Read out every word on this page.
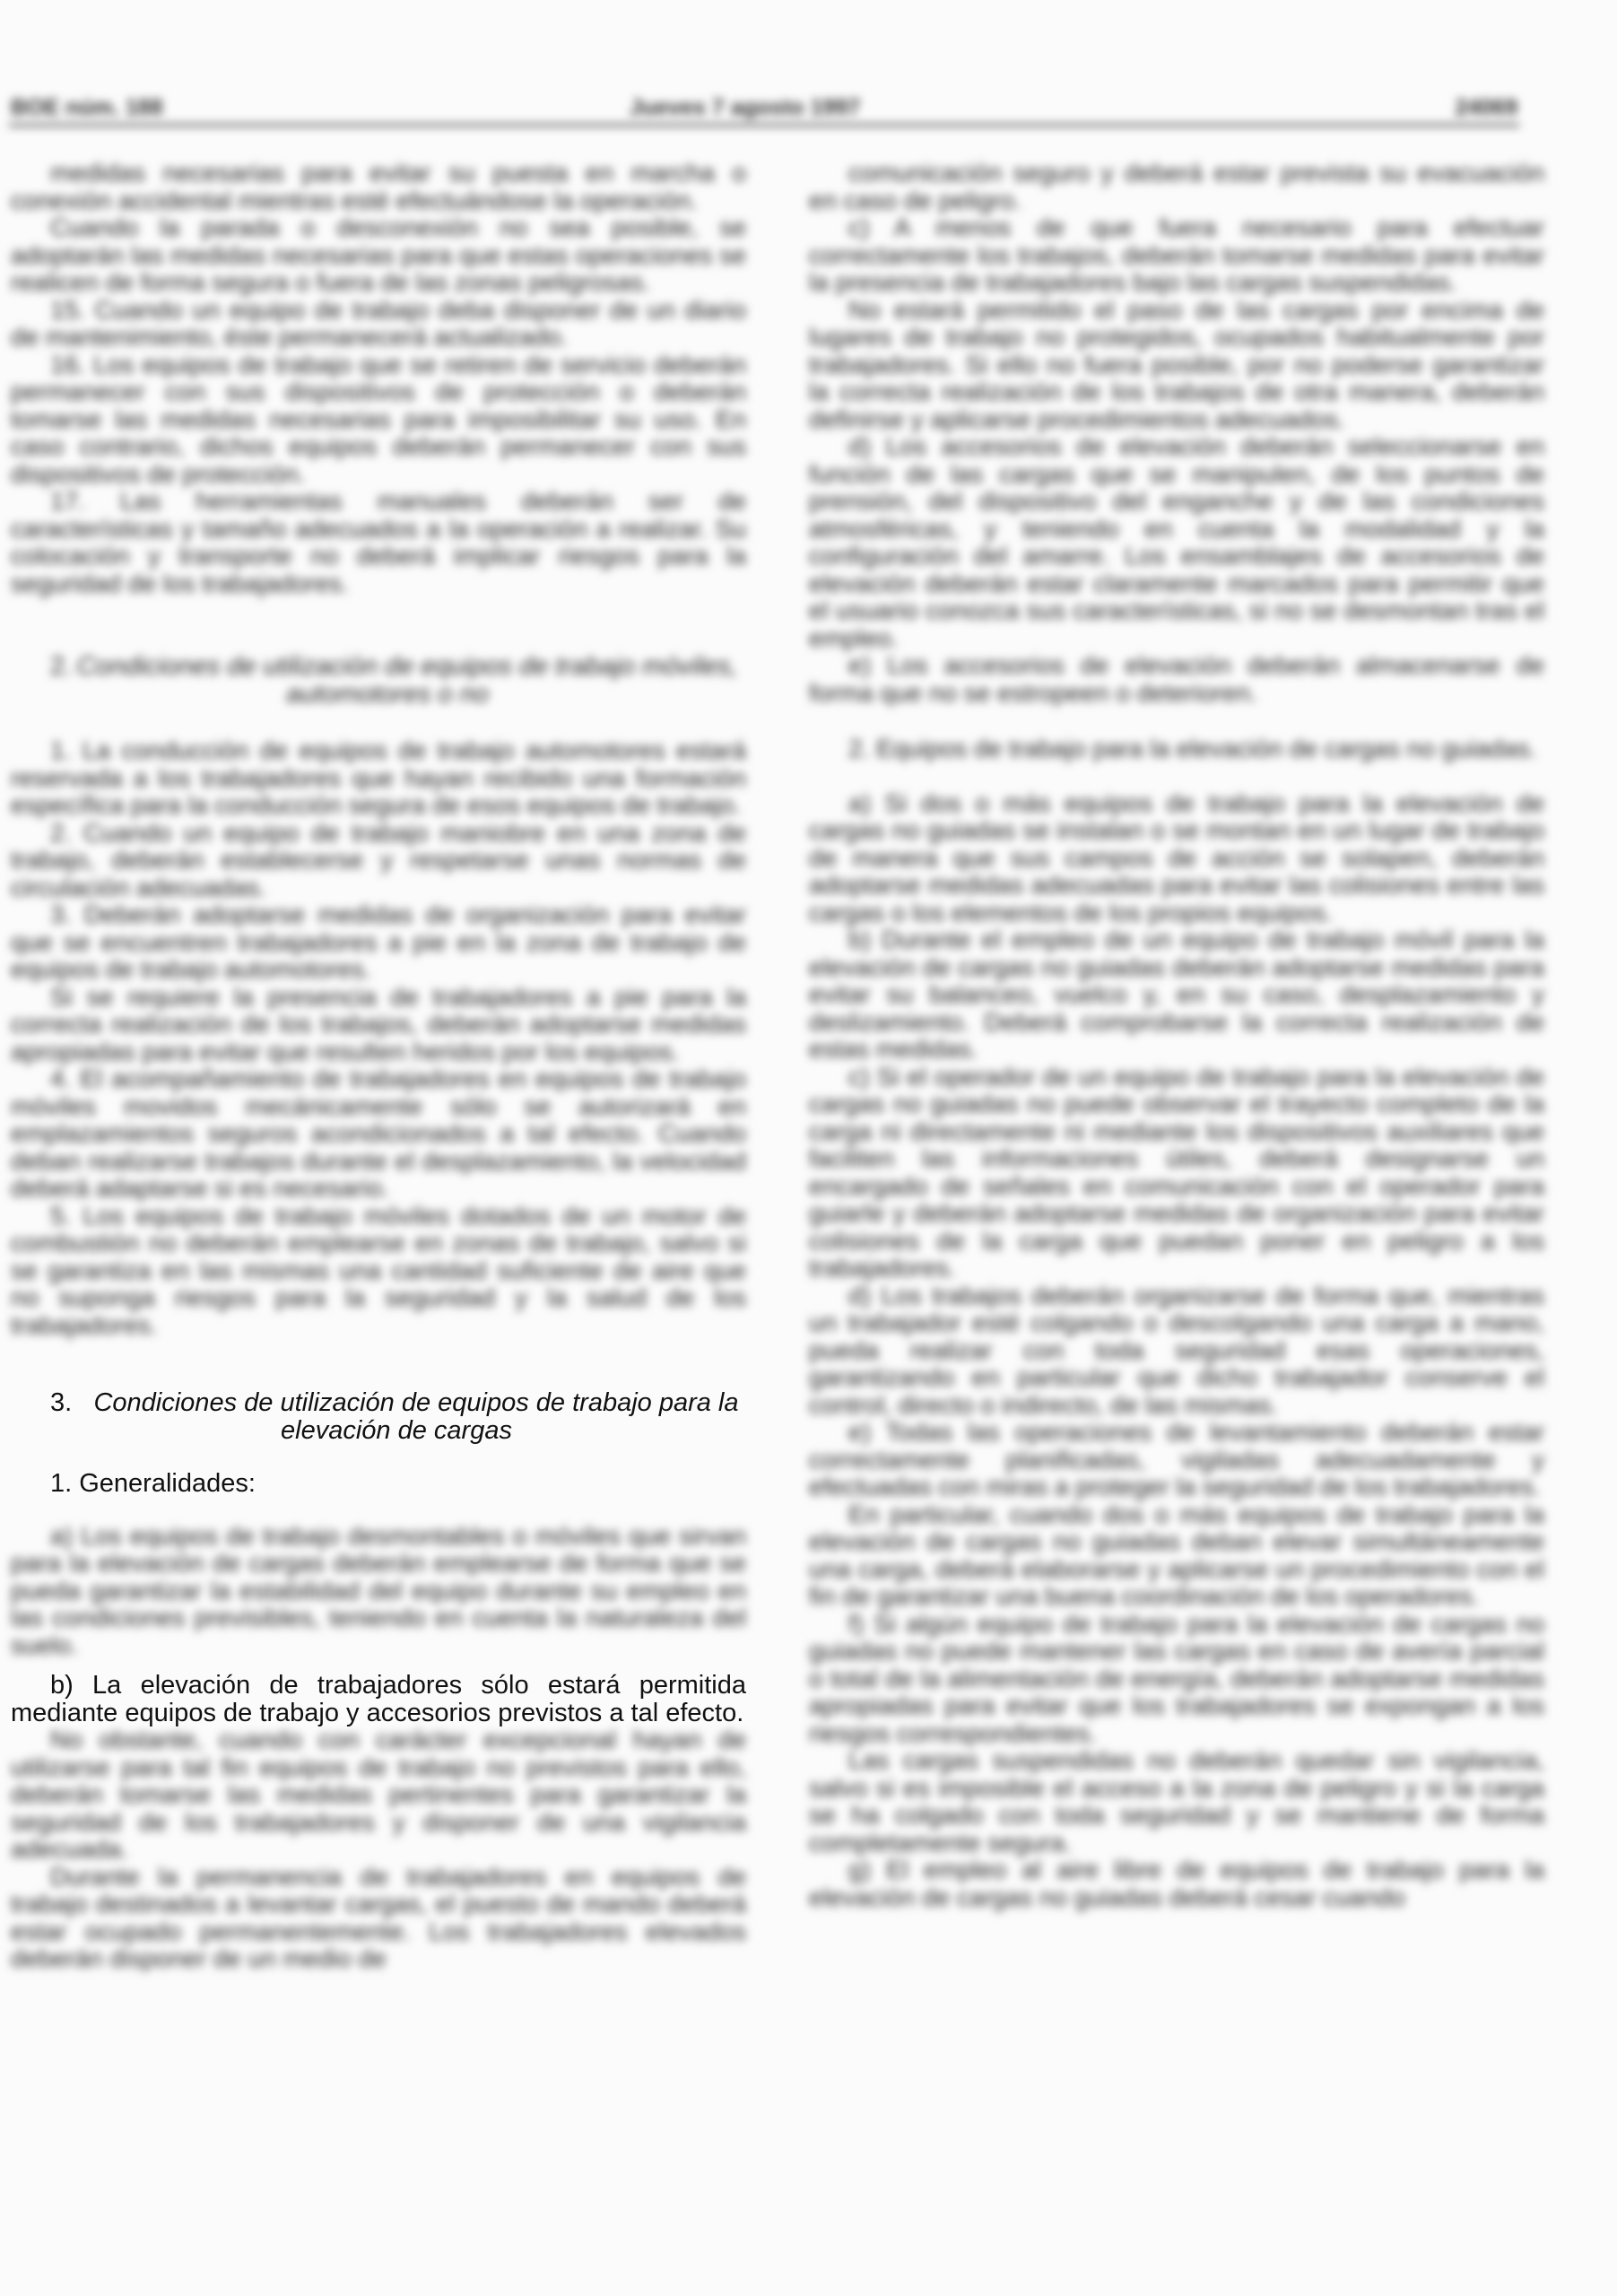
BOE núm. 188	Jueves 7 agosto 1997	24069

medidas necesarias para evitar su puesta en marcha o conexión accidental mientras esté efectuándose la operación.

Cuando la parada o desconexión no sea posible, se adoptarán las medidas necesarias para que estas operaciones se realicen de forma segura o fuera de las zonas peligrosas.

15. Cuando un equipo de trabajo deba disponer de un diario de mantenimiento, éste permanecerá actualizado.

16. Los equipos de trabajo que se retiren de servicio deberán permanecer con sus dispositivos de protección o deberán tomarse las medidas necesarias para imposibilitar su uso. En caso contrario, dichos equipos deberán permanecer con sus dispositivos de protección.

17. Las herramientas manuales deberán ser de características y tamaño adecuados a la operación a realizar. Su colocación y transporte no deberá implicar riesgos para la seguridad de los trabajadores.

2. Condiciones de utilización de equipos de trabajo móviles, automotores o no

1. La conducción de equipos de trabajo automotores estará reservada a los trabajadores que hayan recibido una formación específica para la conducción segura de esos equipos de trabajo.

2. Cuando un equipo de trabajo maniobre en una zona de trabajo, deberán establecerse y respetarse unas normas de circulación adecuadas.

3. Deberán adoptarse medidas de organización para evitar que se encuentren trabajadores a pie en la zona de trabajo de equipos de trabajo automotores.

Si se requiere la presencia de trabajadores a pie para la correcta realización de los trabajos, deberán adoptarse medidas apropiadas para evitar que resulten heridos por los equipos.

4. El acompañamiento de trabajadores en equipos de trabajo móviles movidos mecánicamente sólo se autorizará en emplazamientos seguros acondicionados a tal efecto. Cuando deban realizarse trabajos durante el desplazamiento, la velocidad deberá adaptarse si es necesario.

5. Los equipos de trabajo móviles dotados de un motor de combustión no deberán emplearse en zonas de trabajo, salvo si se garantiza en las mismas una cantidad suficiente de aire que no suponga riesgos para la seguridad y la salud de los trabajadores.

3. Condiciones de utilización de equipos de trabajo para la elevación de cargas

1. Generalidades:

a) Los equipos de trabajo desmontables o móviles que sirvan para la elevación de cargas deberán emplearse de forma que se pueda garantizar la estabilidad del equipo durante su empleo en las condiciones previsibles, teniendo en cuenta la naturaleza del suelo.

b) La elevación de trabajadores sólo estará permitida mediante equipos de trabajo y accesorios previstos a tal efecto.

No obstante, cuando con carácter excepcional hayan de utilizarse para tal fin equipos de trabajo no previstos para ello, deberán tomarse las medidas pertinentes para garantizar la seguridad de los trabajadores y disponer de una vigilancia adecuada.

Durante la permanencia de trabajadores en equipos de trabajo destinados a levantar cargas, el puesto de mando deberá estar ocupado permanentemente. Los trabajadores elevados deberán disponer de un medio de

comunicación seguro y deberá estar prevista su evacuación en caso de peligro.

c) A menos de que fuera necesario para efectuar correctamente los trabajos, deberán tomarse medidas para evitar la presencia de trabajadores bajo las cargas suspendidas.

No estará permitido el paso de las cargas por encima de lugares de trabajo no protegidos, ocupados habitualmente por trabajadores. Si ello no fuera posible, por no poderse garantizar la correcta realización de los trabajos de otra manera, deberán definirse y aplicarse procedimientos adecuados.

d) Los accesorios de elevación deberán seleccionarse en función de las cargas que se manipulen, de los puntos de prensión, del dispositivo del enganche y de las condiciones atmosféricas, y teniendo en cuenta la modalidad y la configuración del amarre. Los ensamblajes de accesorios de elevación deberán estar claramente marcados para permitir que el usuario conozca sus características, si no se desmontan tras el empleo.

e) Los accesorios de elevación deberán almacenarse de forma que no se estropeen o deterioren.

2. Equipos de trabajo para la elevación de cargas no guiadas.

a) Si dos o más equipos de trabajo para la elevación de cargas no guiadas se instalan o se montan en un lugar de trabajo de manera que sus campos de acción se solapen, deberán adoptarse medidas adecuadas para evitar las colisiones entre las cargas o los elementos de los propios equipos.

b) Durante el empleo de un equipo de trabajo móvil para la elevación de cargas no guiadas deberán adoptarse medidas para evitar su balanceo, vuelco y, en su caso, desplazamiento y deslizamiento. Deberá comprobarse la correcta realización de estas medidas.

c) Si el operador de un equipo de trabajo para la elevación de cargas no guiadas no puede observar el trayecto completo de la carga ni directamente ni mediante los dispositivos auxiliares que faciliten las informaciones útiles, deberá designarse un encargado de señales en comunicación con el operador para guiarle y deberán adoptarse medidas de organización para evitar colisiones de la carga que puedan poner en peligro a los trabajadores.

d) Los trabajos deberán organizarse de forma que, mientras un trabajador esté colgando o descolgando una carga a mano, pueda realizar con toda seguridad esas operaciones, garantizando en particular que dicho trabajador conserve el control, directo o indirecto, de las mismas.

e) Todas las operaciones de levantamiento deberán estar correctamente planificadas, vigiladas adecuadamente y efectuadas con miras a proteger la seguridad de los trabajadores.

En particular, cuando dos o más equipos de trabajo para la elevación de cargas no guiadas deban elevar simultáneamente una carga, deberá elaborarse y aplicarse un procedimiento con el fin de garantizar una buena coordinación de los operadores.

f) Si algún equipo de trabajo para la elevación de cargas no guiadas no puede mantener las cargas en caso de avería parcial o total de la alimentación de energía, deberán adoptarse medidas apropiadas para evitar que los trabajadores se expongan a los riesgos correspondientes.

Las cargas suspendidas no deberán quedar sin vigilancia, salvo si es imposible el acceso a la zona de peligro y si la carga se ha colgado con toda seguridad y se mantiene de forma completamente segura.

g) El empleo al aire libre de equipos de trabajo para la elevación de cargas no guiadas deberá cesar cuando
